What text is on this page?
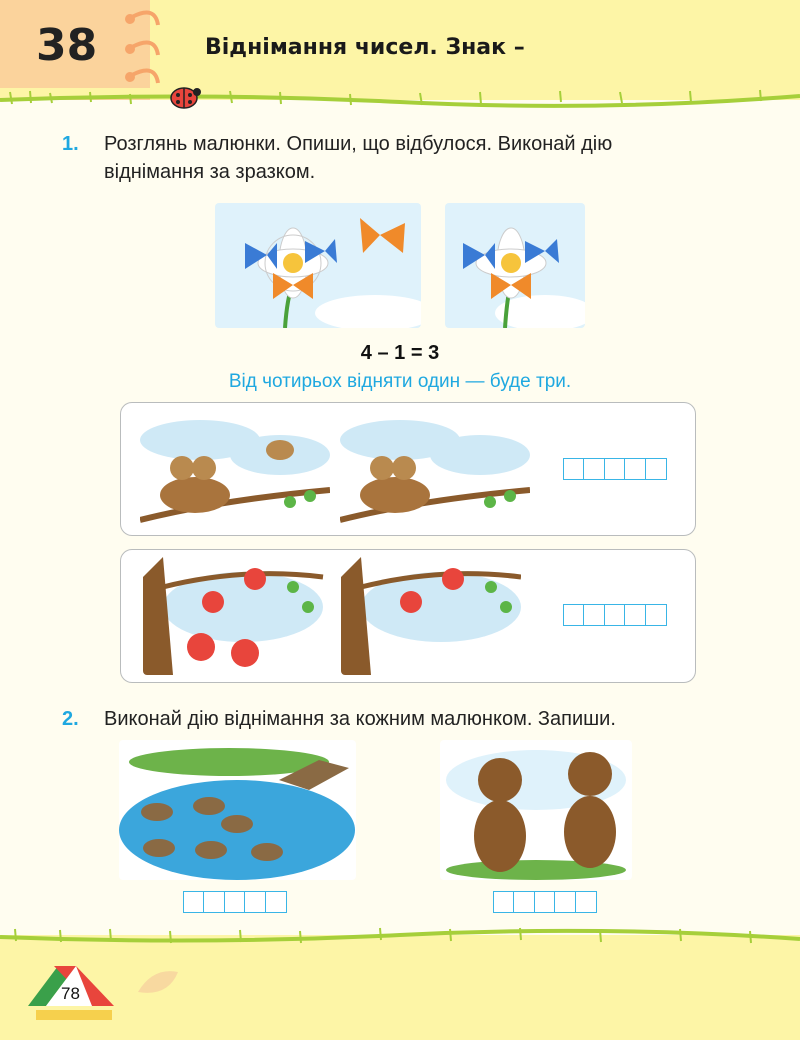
38	Віднімання чисел. Знак –
1. Розглянь малюнки. Опиши, що відбулося. Виконай дію
віднімання за зразком.
4 – 1 = 3
Від чотирьох відняти один — буде три.
2. Виконай дію віднімання за кожним малюнком. Запиши.
78
